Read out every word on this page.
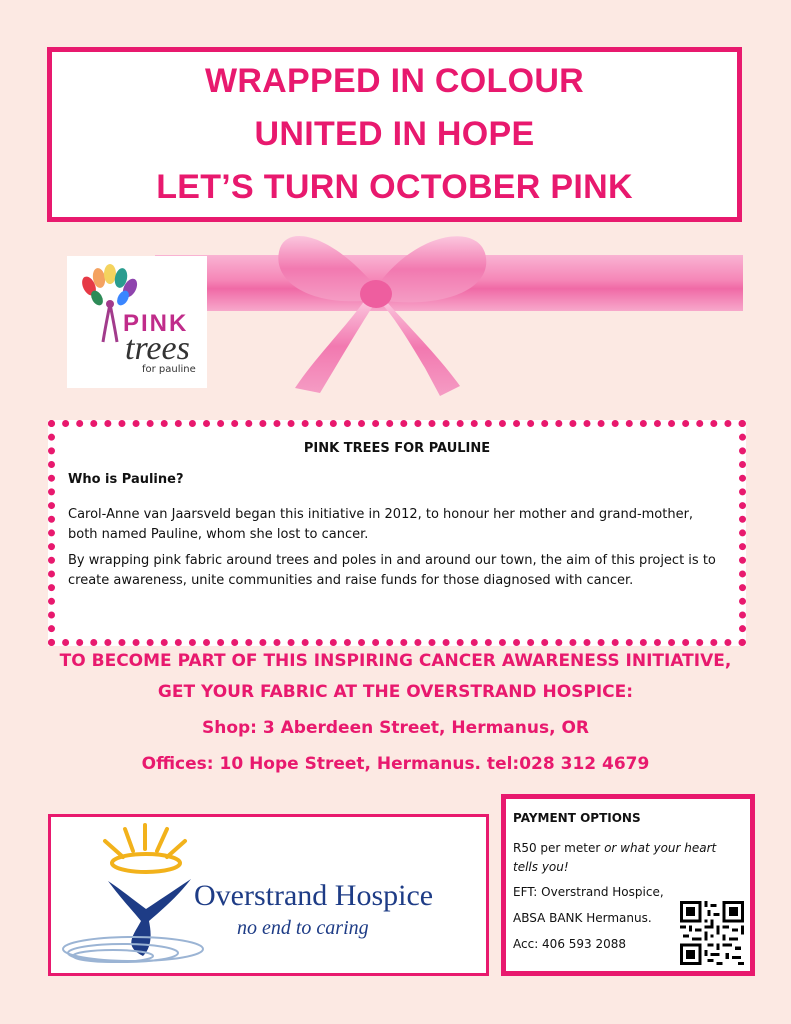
WRAPPED IN COLOUR
UNITED IN HOPE
LET’S TURN OCTOBER PINK
PINK
trees
for pauline
PINK TREES FOR PAULINE
Who is Pauline?
Carol-Anne van Jaarsveld began this initiative in 2012, to honour her mother and grand-mother, both named Pauline, whom she lost to cancer.
By wrapping pink fabric around trees and poles in and around our town, the aim of this project is to create awareness, unite communities and raise funds for those diagnosed with cancer.
TO BECOME PART OF THIS INSPIRING CANCER AWARENESS INITIATIVE,
GET YOUR FABRIC AT THE OVERSTRAND HOSPICE:
Shop: 3 Aberdeen Street, Hermanus, OR
Offices: 10 Hope Street, Hermanus. tel:028 312 4679
Overstrand Hospice
no end to caring
PAYMENT OPTIONS
R50 per meter or what your heart tells you!
EFT: Overstrand Hospice,
ABSA BANK Hermanus.
Acc: 406 593 2088
